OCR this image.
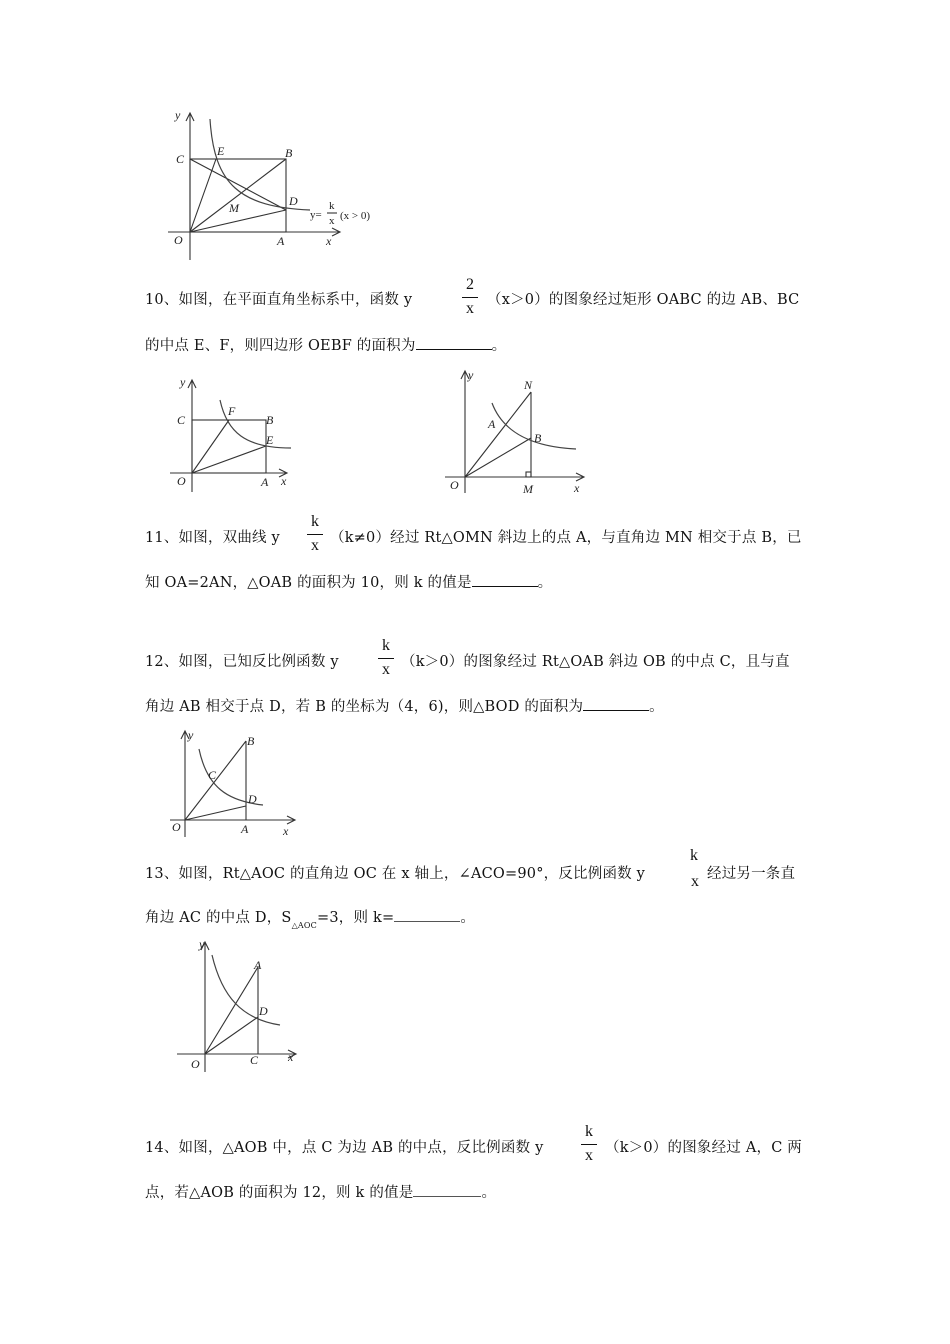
y
x
O	A
B
C
D
E
M	y=
k
x (x > 0)
10、如图，在平面直角坐标系中，函数 y
2
x （x＞0）的图象经过矩形 OABC 的边 AB、BC
的中点 E、F，则四边形 OEBF 的面积为	。
y
x
O	A
B
C
E
F
y
x
O
A
B
M
N
11、如图，双曲线 y
k
x （k≠0）经过 Rt△OMN 斜边上的点 A，与直角边 MN 相交于点 B，已
知 OA=2AN，△OAB 的面积为 10，则 k 的值是	。
12、如图，已知反比例函数 y
k
x （k＞0）的图象经过 Rt△OAB 斜边 OB 的中点 C，且与直
角边 AB 相交于点 D，若 B 的坐标为（4，6)，则△BOD 的面积为	。
y
x
O	A
B
C
D
13、如图，Rt△AOC 的直角边 OC 在 x 轴上，∠ACO=90°，反比例函数 y
k
x 经过另一条直
角边 AC 的中点 D，$S_{\triangle AOC}=3$，则 k=	。
y
x
O
A
C
D
14、如图，△AOB 中，点 C 为边 AB 的中点，反比例函数 y
k
x （k＞0）的图象经过 A，C 两
点，若△AOB 的面积为 12，则 k 的值是	。
